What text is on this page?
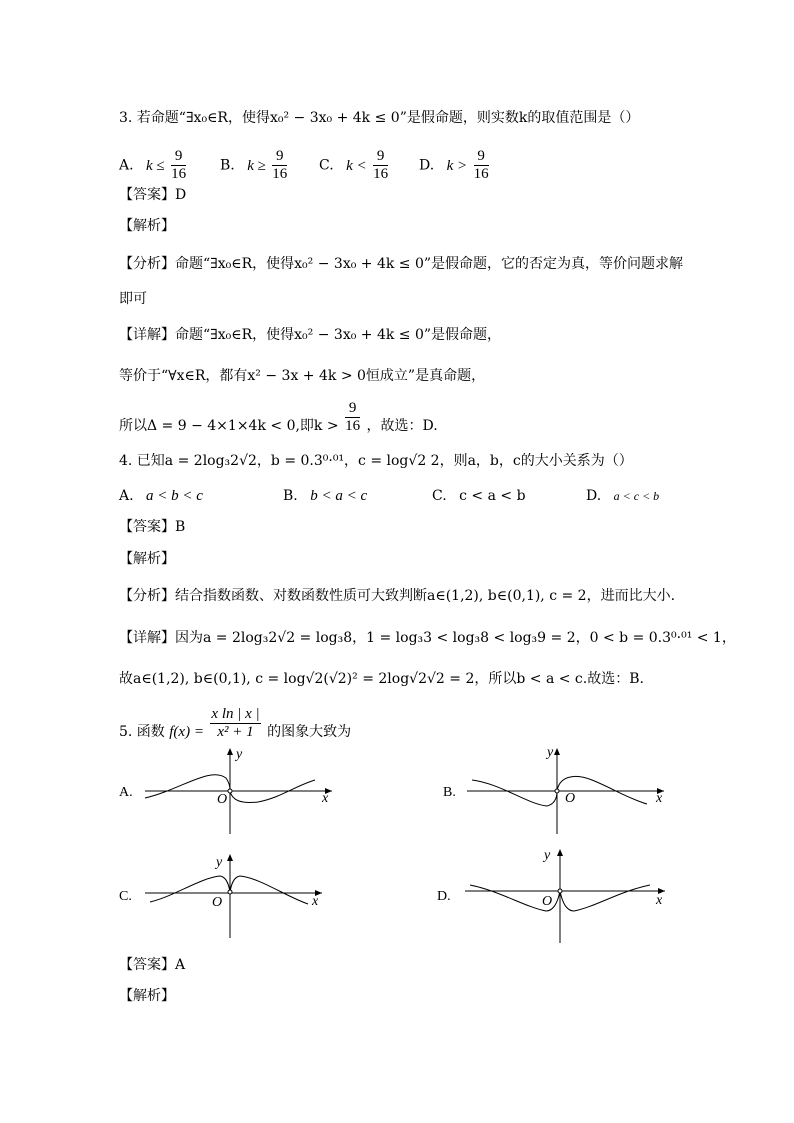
3. 若命题“∃x₀∈R，使得x₀² − 3x₀ + 4k ≤ 0”是假命题，则实数k的取值范围是（）
A. $k \le \frac{9}{16} B$. $k \ge \frac{9}{16} C$. $k < \frac{9}{16} D$. $k > \frac{9}{16}$
【答案】D
【解析】
【分析】命题“∃x₀∈R，使得x₀² − 3x₀ + 4k ≤ 0”是假命题，它的否定为真，等价问题求解
即可
【详解】命题“∃x₀∈R，使得x₀² − 3x₀ + 4k ≤ 0”是假命题，
等价于“∀x∈R，都有x² − 3x + 4k > 0恒成立”是真命题，
所以Δ = 9 − 4×1×4k < 0,即$k > \frac{9}{16}$ ，故选：D.
4. 已知a = 2log₃2√2，b = 0.3⁰·⁰¹，c = log√2 2，则a，b，c的大小关系为（）
A. a < b < c	B. b < a < c	C. c < a < b	D. a < c < b
【答案】B
【解析】
【分析】结合指数函数、对数函数性质可大致判断a∈(1,2), b∈(0,1), c = 2，进而比大小.
【详解】因为a = 2log₃2√2 = log₃8，1 = log₃3 < log₃8 < log₃9 = 2，0 < b = 0.3⁰·⁰¹ < 1，
故a∈(1,2), b∈(0,1), c = log√2(√2)² = 2log√2√2 = 2，所以b < a < c.故选：B.
5. 函数 $f(x) = \frac{\text{x ln | x |}}{\text{x² + 1}}$ 的图象大致为
A.
y
x
O	B.
y
x
O
C.
y
x
O	D.
y
x
O
【答案】A
【解析】
